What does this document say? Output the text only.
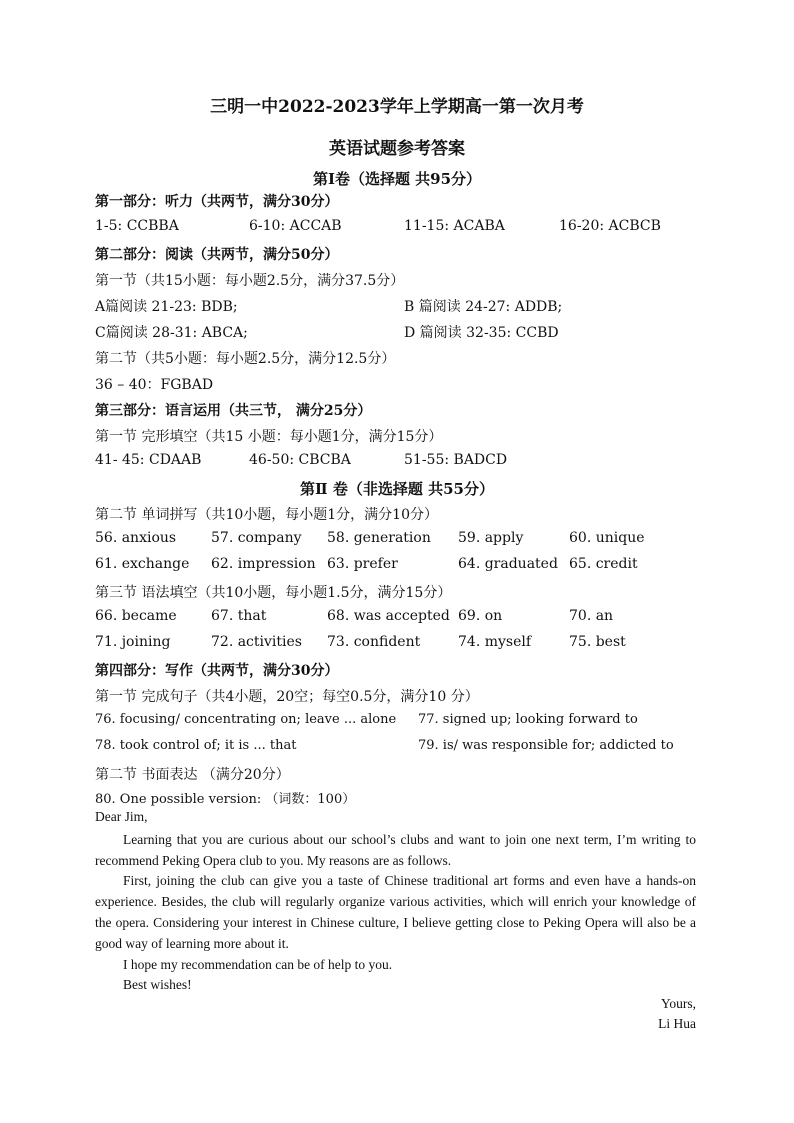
三明一中2022-2023学年上学期高一第一次月考
英语试题参考答案
第Ⅰ卷（选择题 共95分）
第一部分：听力（共两节，满分30分）
1-5: CCBBA	6-10: ACCAB	11-15: ACABA	16-20: ACBCB
第二部分：阅读（共两节，满分50分）
第一节（共15小题：每小题2.5分，满分37.5分）
A篇阅读 21-23: BDB;	B 篇阅读 24-27: ADDB;
C篇阅读 28-31: ABCA;	D 篇阅读 32-35: CCBD
第二节（共5小题：每小题2.5分，满分12.5分）
36 – 40：FGBAD
第三部分：语言运用（共三节， 满分25分）
第一节 完形填空（共15 小题：每小题1分，满分15分）
41- 45: CDAAB	46-50: CBCBA	51-55: BADCD
第Ⅱ 卷（非选择题 共55分）
第二节 单词拼写（共10小题，每小题1分，满分10分）
56. anxious 57. company 58. generation 59. apply	60. unique
61. exchange 62. impression 63. prefer	64. graduated 65. credit
第三节 语法填空（共10小题，每小题1.5分，满分15分）
66. became 67. that	68. was accepted 69. on	70. an
71. joining	72. activities 73. confident	74. myself	75. best
第四部分：写作（共两节，满分30分）
第一节 完成句子（共4小题，20空；每空0.5分，满分10 分）
76. focusing/ concentrating on; leave ... alone 77. signed up; looking forward to
78. took control of; it is ... that	79. is/ was responsible for; addicted to
第二节 书面表达 （满分20分）
80. One possible version: （词数：100）
Dear Jim,
Learning that you are curious about our school’s clubs and want to join one next term, I’m writing to recommend Peking Opera club to you. My reasons are as follows.
First, joining the club can give you a taste of Chinese traditional art forms and even have a hands-on experience. Besides, the club will regularly organize various activities, which will enrich your knowledge of the opera. Considering your interest in Chinese culture, I believe getting close to Peking Opera will also be a good way of learning more about it.
I hope my recommendation can be of help to you.
Best wishes!
Yours,
Li Hua
